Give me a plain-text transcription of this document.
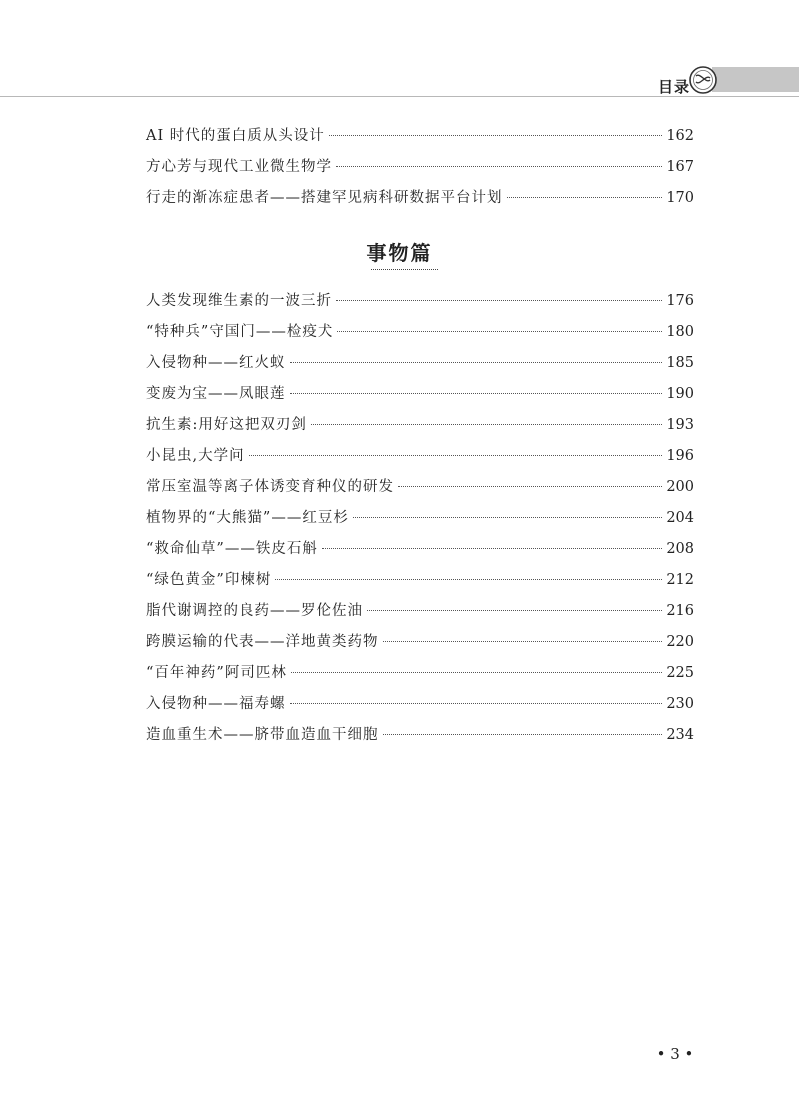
目录
AI 时代的蛋白质从头设计	162
方心芳与现代工业微生物学	167
行走的渐冻症患者——搭建罕见病科研数据平台计划	170
事物篇
人类发现维生素的一波三折	176
“特种兵”守国门——检疫犬	180
入侵物种——红火蚁	185
变废为宝——凤眼莲	190
抗生素:用好这把双刃剑	193
小昆虫,大学问	196
常压室温等离子体诱变育种仪的研发	200
植物界的“大熊猫”——红豆杉	204
“救命仙草”——铁皮石斛	208
“绿色黄金”印楝树	212
脂代谢调控的良药——罗伦佐油	216
跨膜运输的代表——洋地黄类药物	220
“百年神药”阿司匹林	225
入侵物种——福寿螺	230
造血重生术——脐带血造血干细胞	234
• 3 •
